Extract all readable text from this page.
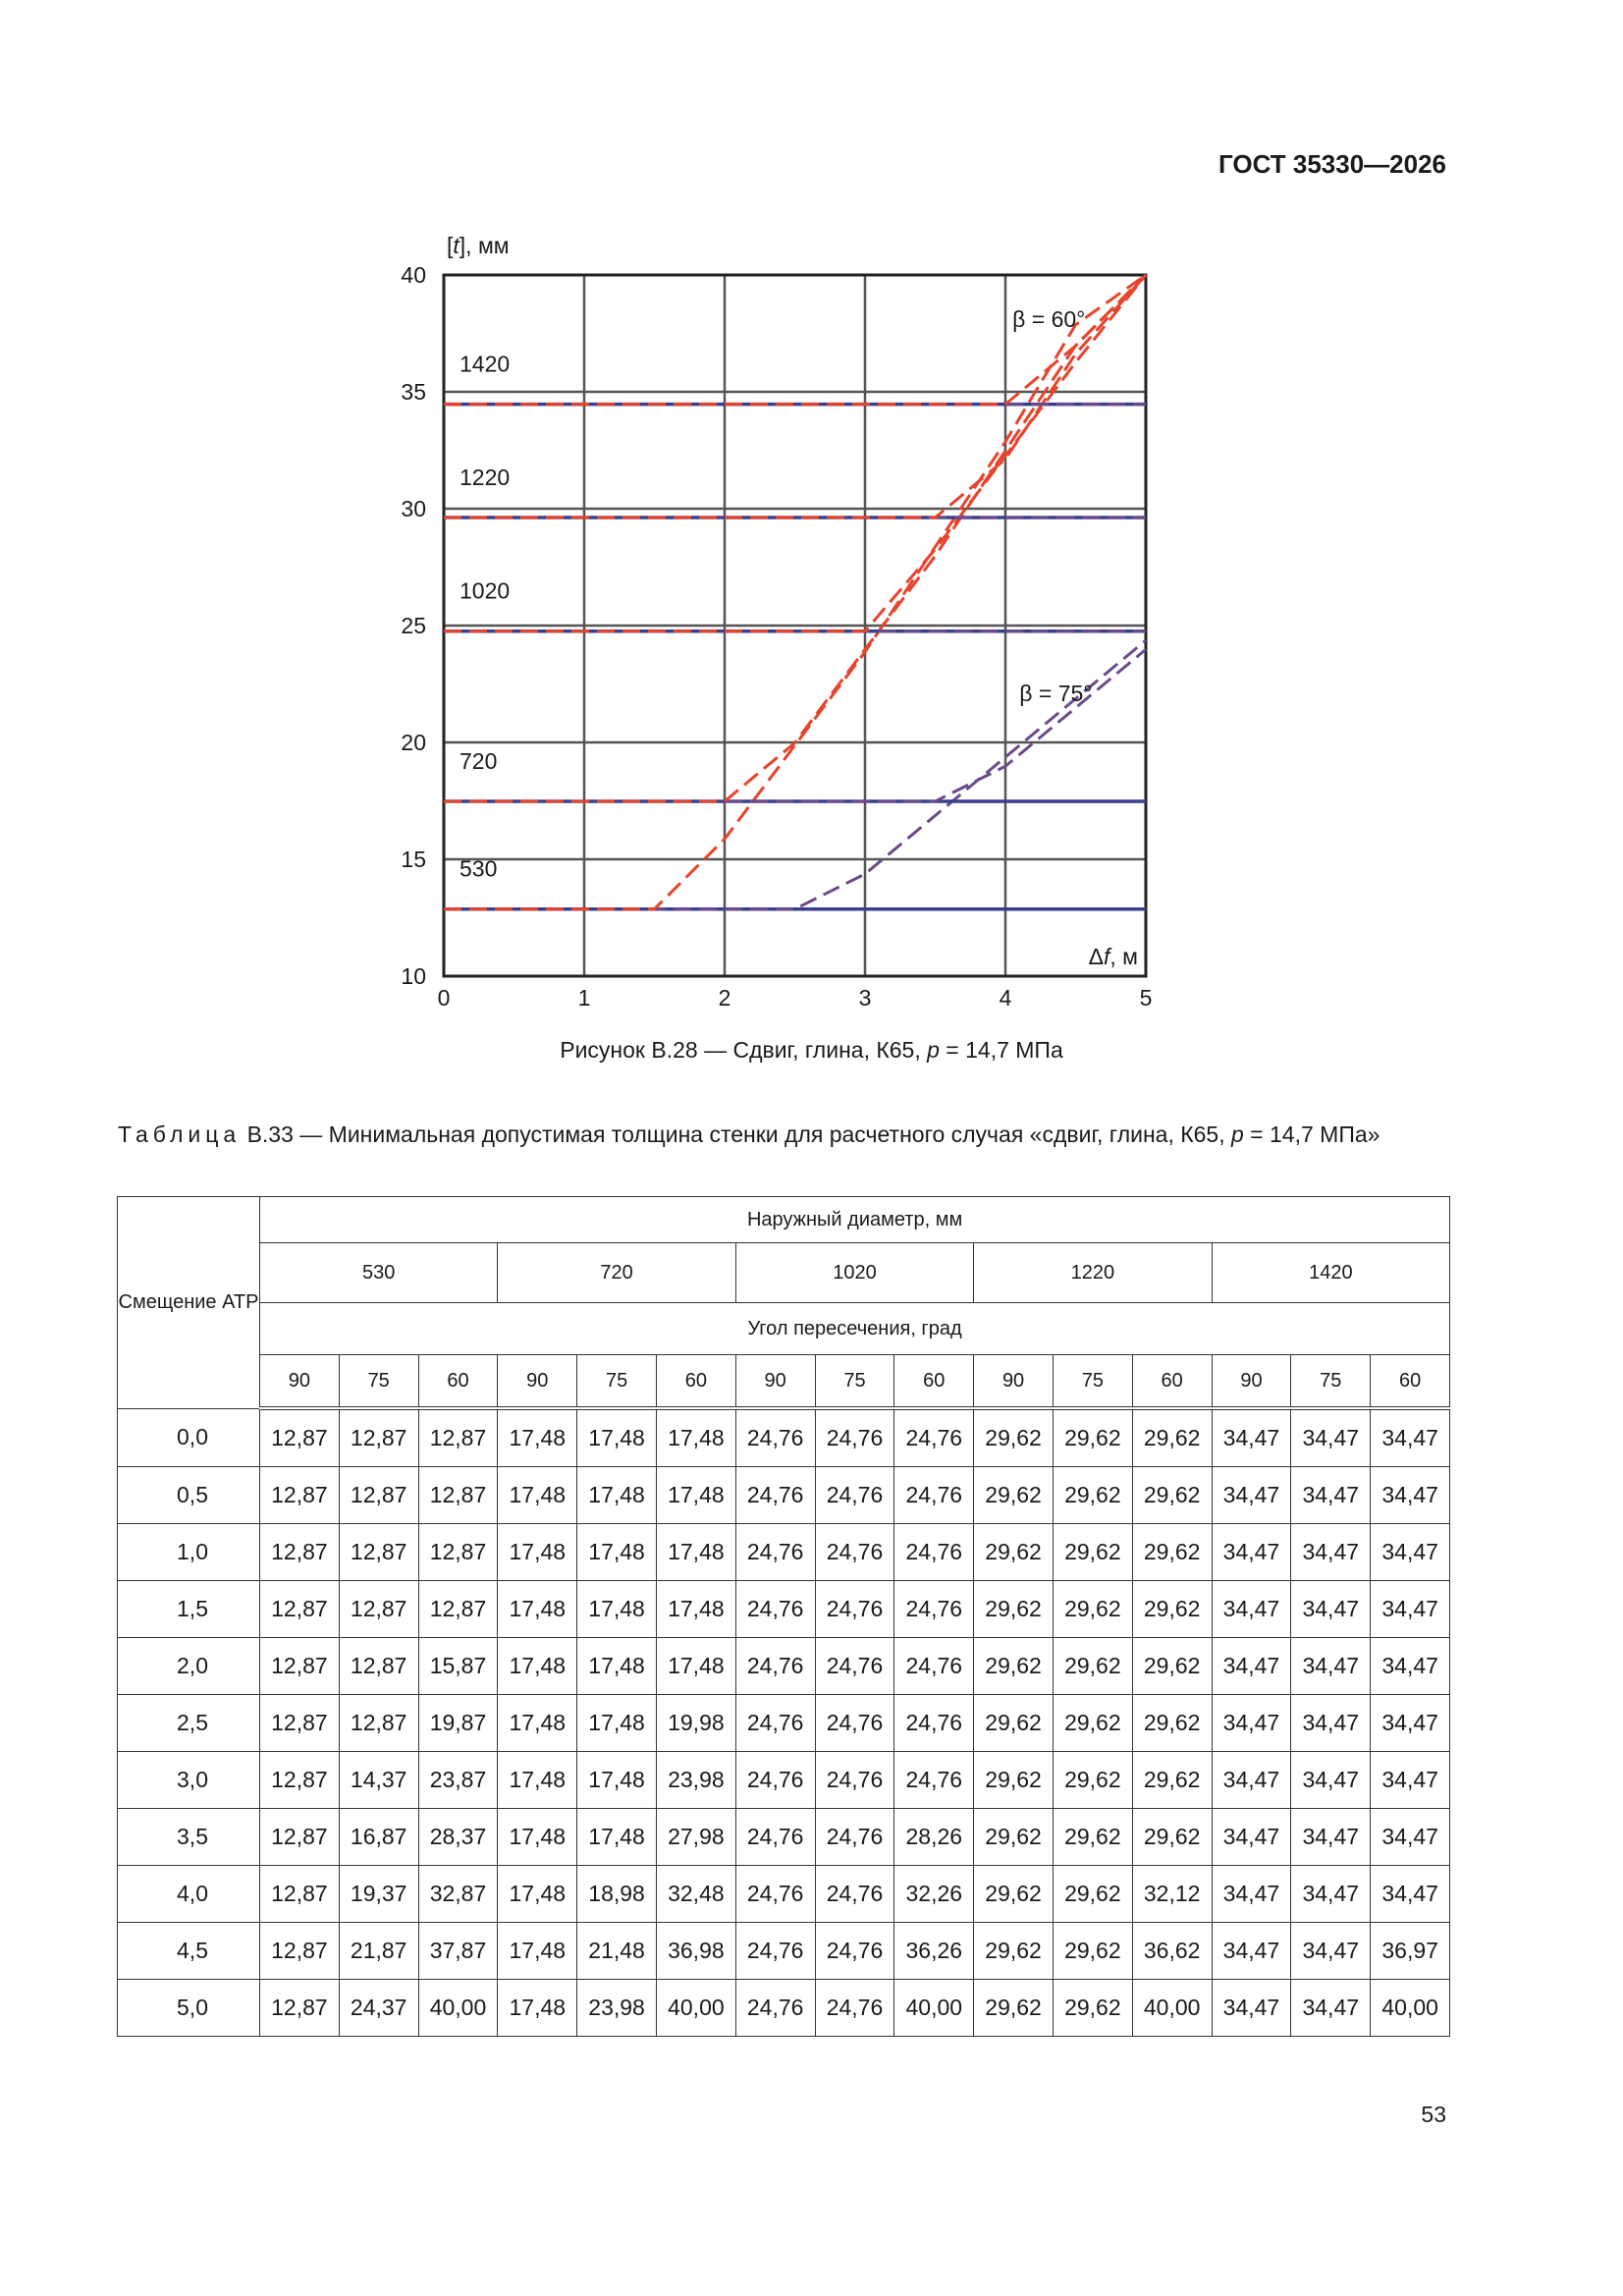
ГОСТ 35330—2026
0	1	2	3	4	5
10
15
20
25
30
35
40
[t], мм
Δf, м
1420
1220
1020
720
530
β = 60°
β = 75°
Рисунок В.28 — Сдвиг, глина, К65, p = 14,7 МПа
Таблица В.33 — Минимальная допустимая толщина стенки для расчетного случая «сдвиг, глина, К65, p = 14,7 МПа»
Смещение АТР	Наружный диаметр, мм														
	530			720			1020			1220			1420		
	Угол пересечения, град														
	90	75	60	90	75	60	90	75	60	90	75	60	90	75	60
0,0	12,87	12,87	12,87	17,48	17,48	17,48	24,76	24,76	24,76	29,62	29,62	29,62	34,47	34,47	34,47
0,5	12,87	12,87	12,87	17,48	17,48	17,48	24,76	24,76	24,76	29,62	29,62	29,62	34,47	34,47	34,47
1,0	12,87	12,87	12,87	17,48	17,48	17,48	24,76	24,76	24,76	29,62	29,62	29,62	34,47	34,47	34,47
1,5	12,87	12,87	12,87	17,48	17,48	17,48	24,76	24,76	24,76	29,62	29,62	29,62	34,47	34,47	34,47
2,0	12,87	12,87	15,87	17,48	17,48	17,48	24,76	24,76	24,76	29,62	29,62	29,62	34,47	34,47	34,47
2,5	12,87	12,87	19,87	17,48	17,48	19,98	24,76	24,76	24,76	29,62	29,62	29,62	34,47	34,47	34,47
3,0	12,87	14,37	23,87	17,48	17,48	23,98	24,76	24,76	24,76	29,62	29,62	29,62	34,47	34,47	34,47
3,5	12,87	16,87	28,37	17,48	17,48	27,98	24,76	24,76	28,26	29,62	29,62	29,62	34,47	34,47	34,47
4,0	12,87	19,37	32,87	17,48	18,98	32,48	24,76	24,76	32,26	29,62	29,62	32,12	34,47	34,47	34,47
4,5	12,87	21,87	37,87	17,48	21,48	36,98	24,76	24,76	36,26	29,62	29,62	36,62	34,47	34,47	36,97
5,0	12,87	24,37	40,00	17,48	23,98	40,00	24,76	24,76	40,00	29,62	29,62	40,00	34,47	34,47	40,00
53
